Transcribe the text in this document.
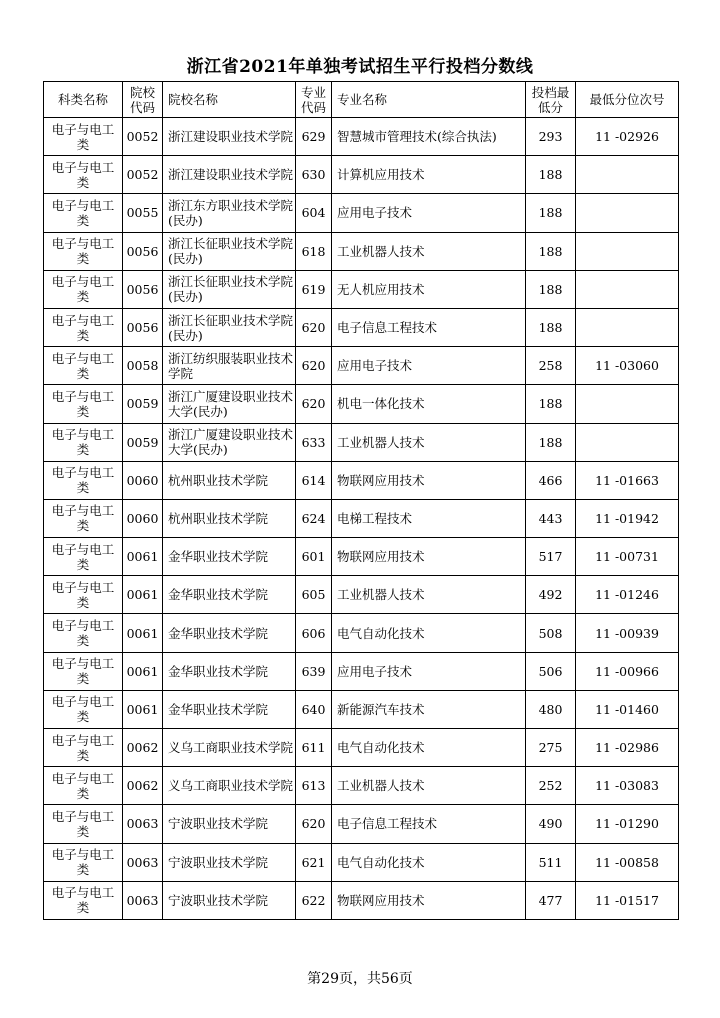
浙江省2021年单独考试招生平行投档分数线
科类名称	院校代码	院校名称	专业代码	专业名称	投档最低分	最低分位次号
电子与电工类	0052	浙江建设职业技术学院	629	智慧城市管理技术(综合执法)	293	11 -02926
电子与电工类	0052	浙江建设职业技术学院	630	计算机应用技术	188	
电子与电工类	0055	浙江东方职业技术学院(民办)	604	应用电子技术	188	
电子与电工类	0056	浙江长征职业技术学院(民办)	618	工业机器人技术	188	
电子与电工类	0056	浙江长征职业技术学院(民办)	619	无人机应用技术	188	
电子与电工类	0056	浙江长征职业技术学院(民办)	620	电子信息工程技术	188	
电子与电工类	0058	浙江纺织服装职业技术学院	620	应用电子技术	258	11 -03060
电子与电工类	0059	浙江广厦建设职业技术大学(民办)	620	机电一体化技术	188	
电子与电工类	0059	浙江广厦建设职业技术大学(民办)	633	工业机器人技术	188	
电子与电工类	0060	杭州职业技术学院	614	物联网应用技术	466	11 -01663
电子与电工类	0060	杭州职业技术学院	624	电梯工程技术	443	11 -01942
电子与电工类	0061	金华职业技术学院	601	物联网应用技术	517	11 -00731
电子与电工类	0061	金华职业技术学院	605	工业机器人技术	492	11 -01246
电子与电工类	0061	金华职业技术学院	606	电气自动化技术	508	11 -00939
电子与电工类	0061	金华职业技术学院	639	应用电子技术	506	11 -00966
电子与电工类	0061	金华职业技术学院	640	新能源汽车技术	480	11 -01460
电子与电工类	0062	义乌工商职业技术学院	611	电气自动化技术	275	11 -02986
电子与电工类	0062	义乌工商职业技术学院	613	工业机器人技术	252	11 -03083
电子与电工类	0063	宁波职业技术学院	620	电子信息工程技术	490	11 -01290
电子与电工类	0063	宁波职业技术学院	621	电气自动化技术	511	11 -00858
电子与电工类	0063	宁波职业技术学院	622	物联网应用技术	477	11 -01517
第29页，共56页
